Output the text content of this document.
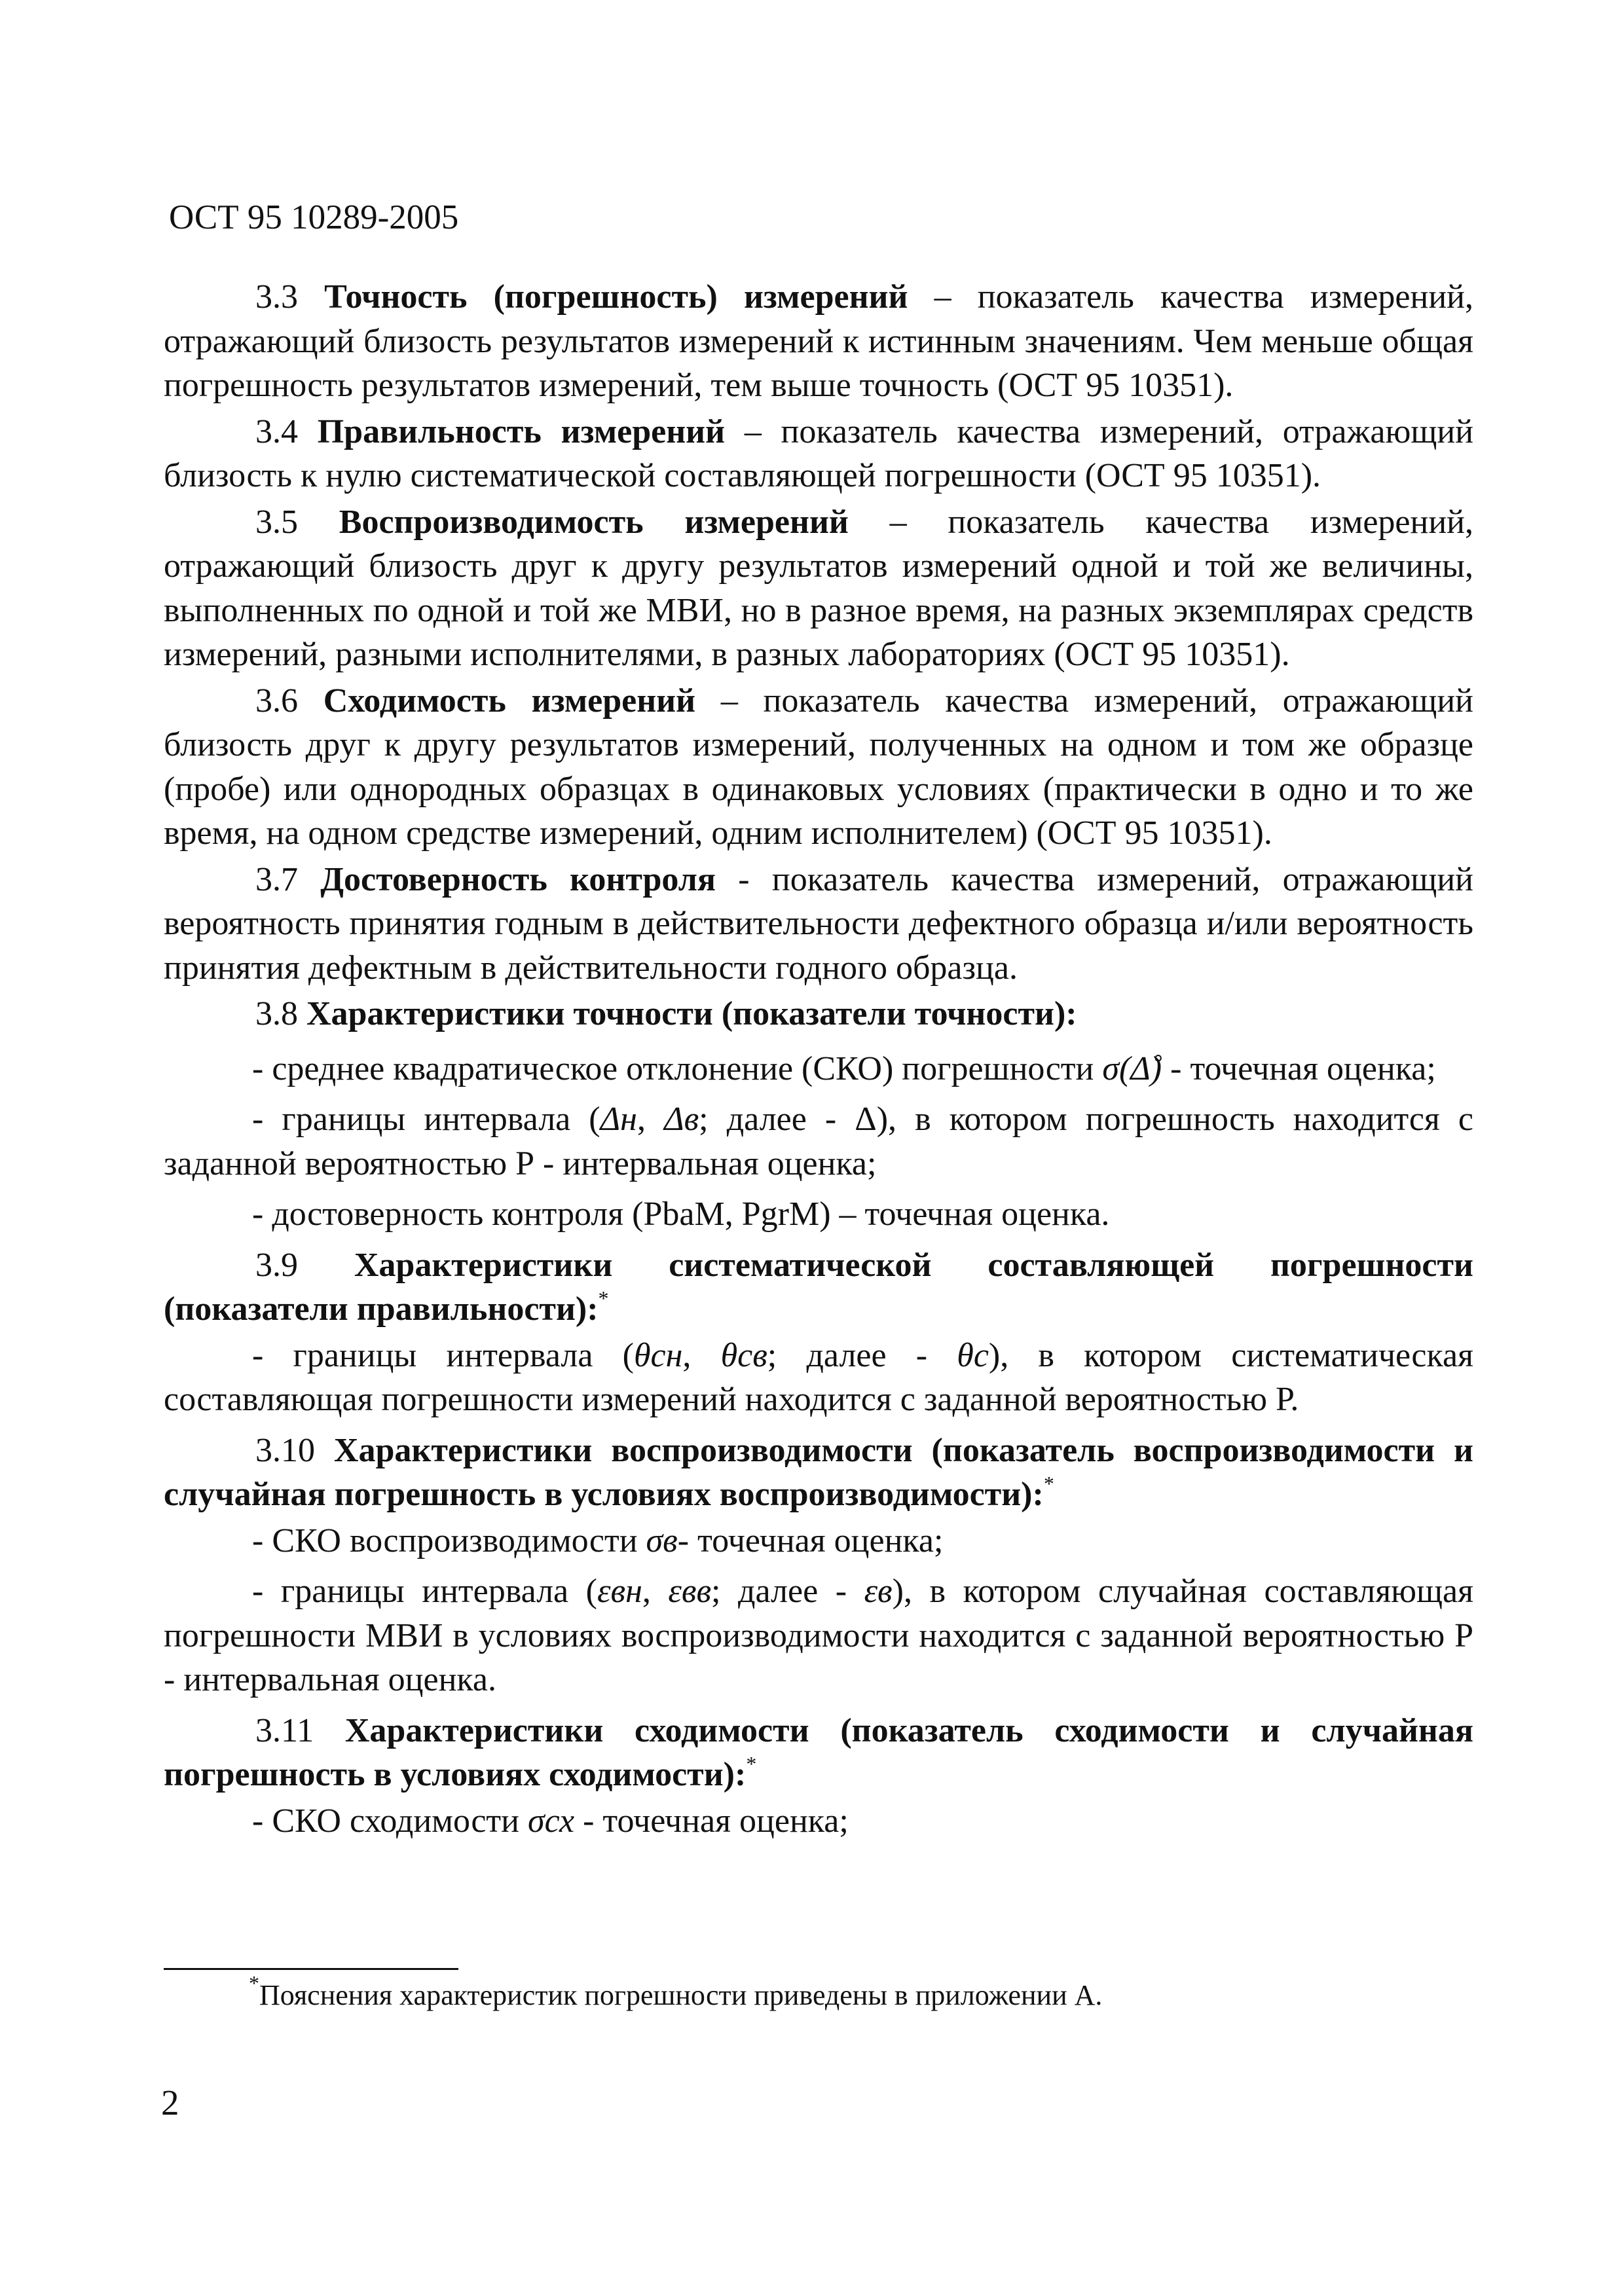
ОСТ 95 10289-2005

3.3 Точность (погрешность) измерений – показатель качества измерений, отражающий близость результатов измерений к истинным значениям. Чем меньше общая погрешность результатов измерений, тем выше точность (ОСТ 95 10351).

3.4 Правильность измерений – показатель качества измерений, отражающий близость к нулю систематической составляющей погрешности (ОСТ 95 10351).

3.5 Воспроизводимость измерений – показатель качества измерений, отражающий близость друг к другу результатов измерений одной и той же величины, выполненных по одной и той же МВИ, но в разное время, на разных экземплярах средств измерений, разными исполнителями, в разных лабораториях (ОСТ 95 10351).

3.6 Сходимость измерений – показатель качества измерений, отражающий близость друг к другу результатов измерений, полученных на одном и том же образце (пробе) или однородных образцах в одинаковых условиях (практически в одно и то же время, на одном средстве измерений, одним исполнителем) (ОСТ 95 10351).

3.7 Достоверность контроля - показатель качества измерений, отражающий вероятность принятия годным в действительности дефектного образца и/или вероятность принятия дефектным в действительности годного образца.

3.8 Характеристики точности (показатели точности):

- среднее квадратическое отклонение (СКО) погрешности σ(Δ̊) - точечная оценка;

- границы интервала (Δн, Δв; далее - Δ), в котором погрешность находится с заданной вероятностью Р - интервальная оценка;

- достоверность контроля (PbaM, PgrM) – точечная оценка.

3.9 Характеристики систематической составляющей погрешности (показатели правильности):*

- границы интервала (θсн, θсв; далее - θс), в котором систематическая составляющая погрешности измерений находится с заданной вероятностью Р.

3.10 Характеристики воспроизводимости (показатель воспроизводимости и случайная погрешность в условиях воспроизводимости):*

- СКО воспроизводимости σв- точечная оценка;

- границы интервала (εвн, εвв; далее - εв), в котором случайная составляющая погрешности МВИ в условиях воспроизводимости находится с заданной вероятностью Р - интервальная оценка.

3.11 Характеристики сходимости (показатель сходимости и случайная погрешность в условиях сходимости):*

- СКО сходимости σсх - точечная оценка;

*Пояснения характеристик погрешности приведены в приложении А.
2
